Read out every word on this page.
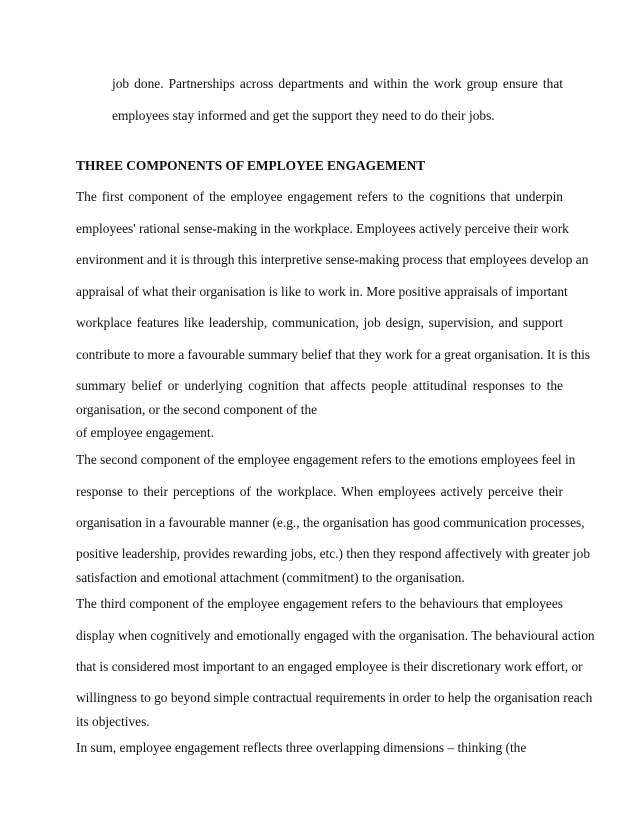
job done. Partnerships across departments and within the work group ensure that
employees stay informed and get the support they need to do their jobs.
THREE COMPONENTS OF EMPLOYEE ENGAGEMENT
The first component of the employee engagement refers to the cognitions that underpin
employees' rational sense-making in the workplace. Employees actively perceive their work
environment and it is through this interpretive sense-making process that employees develop an
appraisal of what their organisation is like to work in. More positive appraisals of important
workplace features like leadership, communication, job design, supervision, and support
contribute to more a favourable summary belief that they work for a great organisation. It is this
summary belief or underlying cognition that affects people attitudinal responses to the
organisation, or the second component of the
of employee engagement.
The second component of the employee engagement refers to the emotions employees feel in
response to their perceptions of the workplace. When employees actively perceive their
organisation in a favourable manner (e.g., the organisation has good communication processes,
positive leadership, provides rewarding jobs, etc.) then they respond affectively with greater job
satisfaction and emotional attachment (commitment) to the organisation.
The third component of the employee engagement refers to the behaviours that employees
display when cognitively and emotionally engaged with the organisation. The behavioural action
that is considered most important to an engaged employee is their discretionary work effort, or
willingness to go beyond simple contractual requirements in order to help the organisation reach
its objectives.
In sum, employee engagement reflects three overlapping dimensions – thinking (the
